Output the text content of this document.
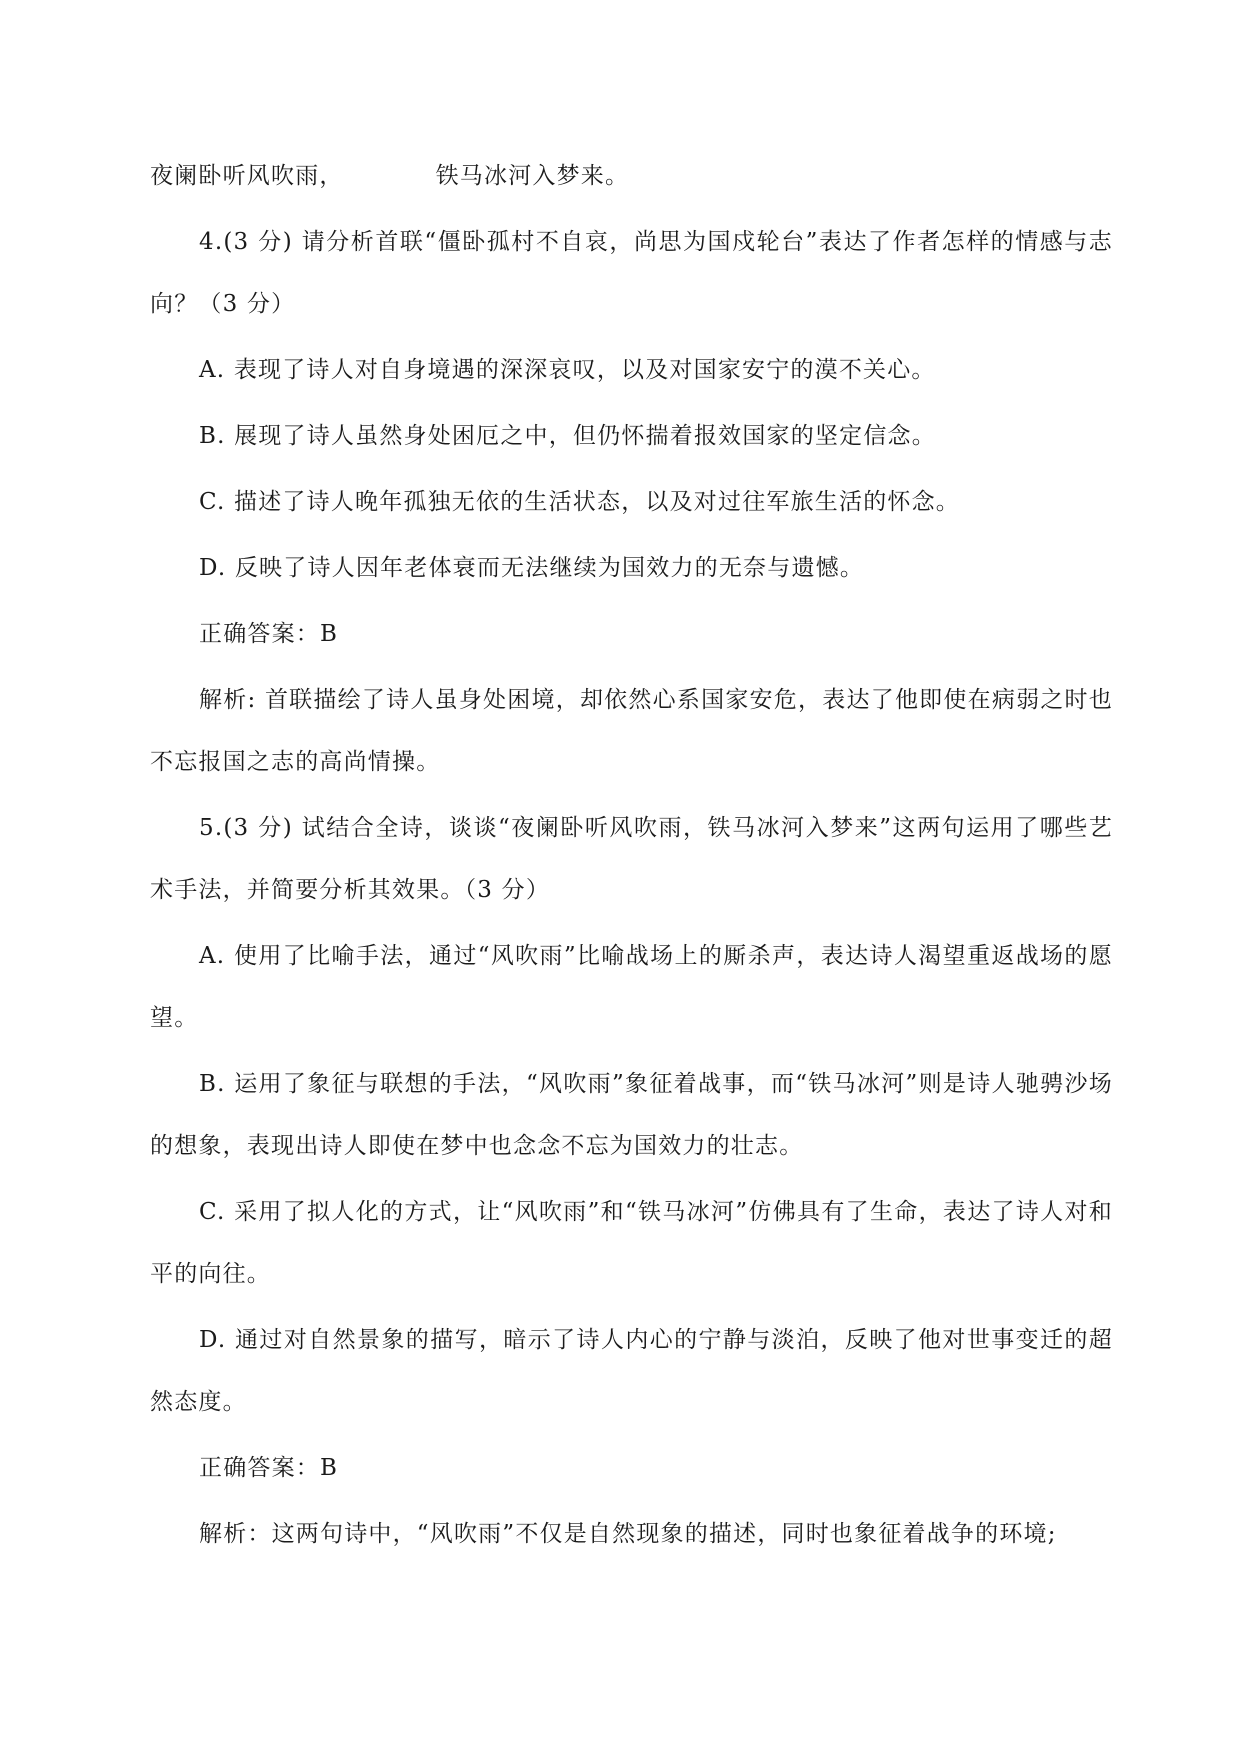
夜阑卧听风吹雨，	铁马冰河入梦来。

4.(3 分) 请分析首联“僵卧孤村不自哀，尚思为国戍轮台”表达了作者怎样的情感与志向？（3 分）

A. 表现了诗人对自身境遇的深深哀叹，以及对国家安宁的漠不关心。

B. 展现了诗人虽然身处困厄之中，但仍怀揣着报效国家的坚定信念。

C. 描述了诗人晚年孤独无依的生活状态，以及对过往军旅生活的怀念。

D. 反映了诗人因年老体衰而无法继续为国效力的无奈与遗憾。

正确答案：B

解析: 首联描绘了诗人虽身处困境，却依然心系国家安危，表达了他即使在病弱之时也不忘报国之志的高尚情操。

5.(3 分) 试结合全诗，谈谈“夜阑卧听风吹雨，铁马冰河入梦来”这两句运用了哪些艺术手法，并简要分析其效果。（3 分）

A. 使用了比喻手法，通过“风吹雨”比喻战场上的厮杀声，表达诗人渴望重返战场的愿望。

B. 运用了象征与联想的手法，“风吹雨”象征着战事，而“铁马冰河”则是诗人驰骋沙场的想象，表现出诗人即使在梦中也念念不忘为国效力的壮志。

C. 采用了拟人化的方式，让“风吹雨”和“铁马冰河”仿佛具有了生命，表达了诗人对和平的向往。

D. 通过对自然景象的描写，暗示了诗人内心的宁静与淡泊，反映了他对世事变迁的超然态度。

正确答案：B

解析：这两句诗中，“风吹雨”不仅是自然现象的描述，同时也象征着战争的环境;
